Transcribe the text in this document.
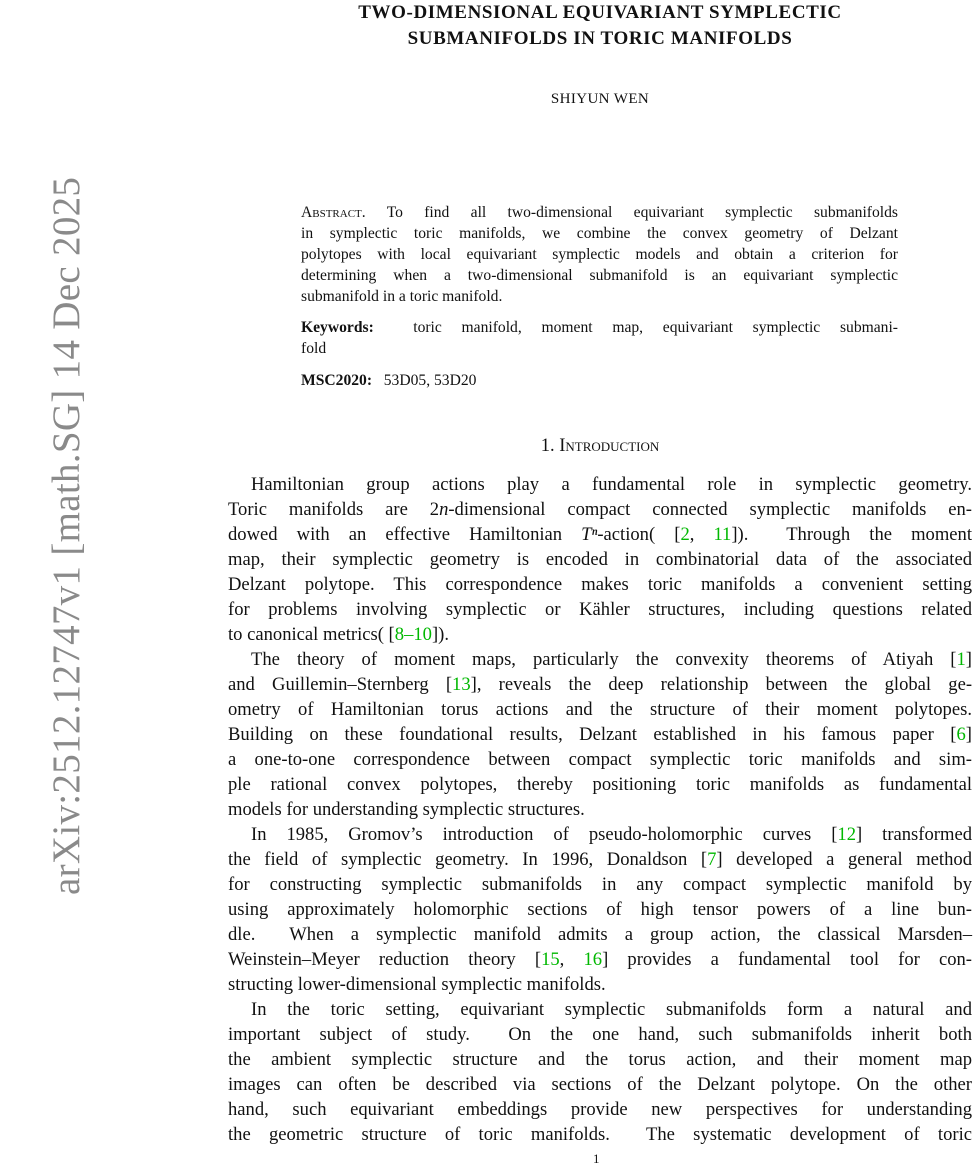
arXiv:2512.12747v1 [math.SG] 14 Dec 2025
TWO-DIMENSIONAL EQUIVARIANT SYMPLECTIC
SUBMANIFOLDS IN TORIC MANIFOLDS
SHIYUN WEN
Abstract. To find all two-dimensional equivariant symplectic submanifolds
in symplectic toric manifolds, we combine the convex geometry of Delzant
polytopes with local equivariant symplectic models and obtain a criterion for
determining when a two-dimensional submanifold is an equivariant symplectic
submanifold in a toric manifold.
Keywords:  toric manifold, moment map, equivariant symplectic submani-
fold
MSC2020: 53D05, 53D20
1. Introduction
Hamiltonian group actions play a fundamental role in symplectic geometry.
Toric manifolds are 2n-dimensional compact connected symplectic manifolds en-
dowed with an effective Hamiltonian Tⁿ-action( [2, 11]).  Through the moment
map, their symplectic geometry is encoded in combinatorial data of the associated
Delzant polytope. This correspondence makes toric manifolds a convenient setting
for problems involving symplectic or Kähler structures, including questions related
to canonical metrics( [8–10]).
The theory of moment maps, particularly the convexity theorems of Atiyah [1]
and Guillemin–Sternberg [13], reveals the deep relationship between the global ge-
ometry of Hamiltonian torus actions and the structure of their moment polytopes.
Building on these foundational results, Delzant established in his famous paper [6]
a one-to-one correspondence between compact symplectic toric manifolds and sim-
ple rational convex polytopes, thereby positioning toric manifolds as fundamental
models for understanding symplectic structures.
In 1985, Gromov’s introduction of pseudo-holomorphic curves [12] transformed
the field of symplectic geometry. In 1996, Donaldson [7] developed a general method
for constructing symplectic submanifolds in any compact symplectic manifold by
using approximately holomorphic sections of high tensor powers of a line bun-
dle.  When a symplectic manifold admits a group action, the classical Marsden–
Weinstein–Meyer reduction theory [15, 16] provides a fundamental tool for con-
structing lower-dimensional symplectic manifolds.
In the toric setting, equivariant symplectic submanifolds form a natural and
important subject of study.  On the one hand, such submanifolds inherit both
the ambient symplectic structure and the torus action, and their moment map
images can often be described via sections of the Delzant polytope. On the other
hand, such equivariant embeddings provide new perspectives for understanding
the geometric structure of toric manifolds.  The systematic development of toric
1
